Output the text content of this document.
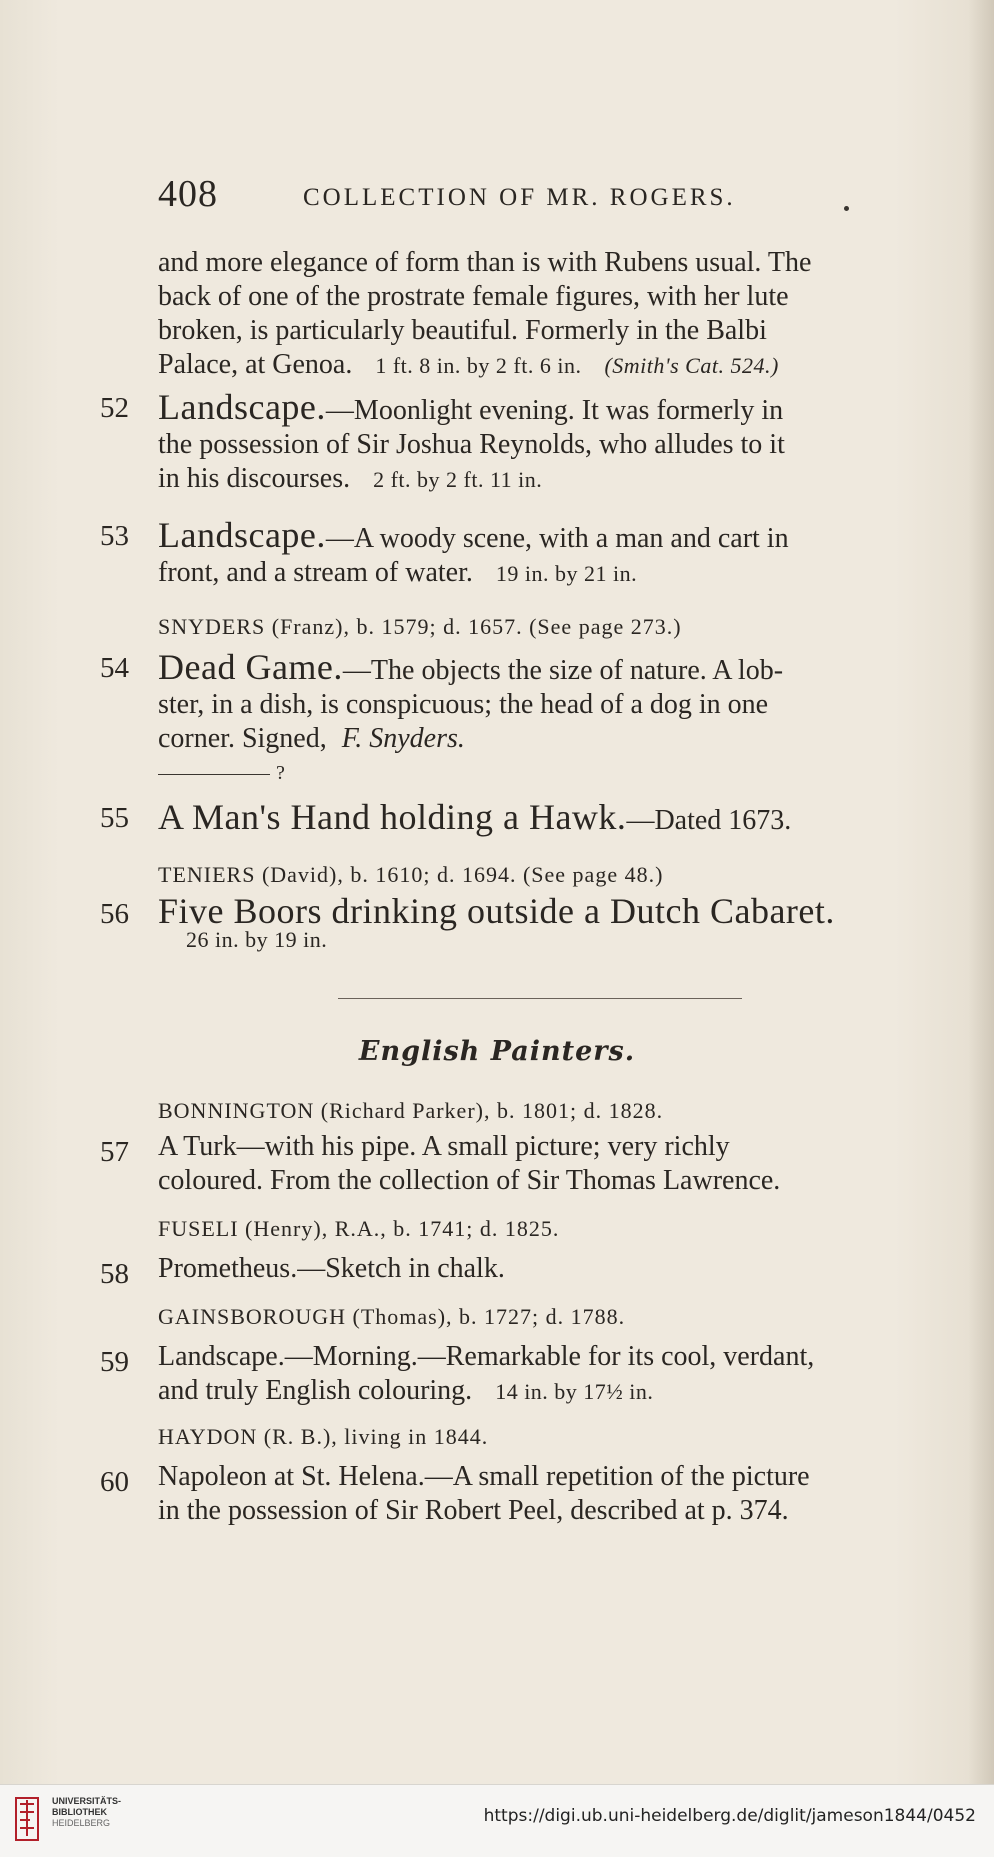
408	COLLECTION OF MR. ROGERS.
and more elegance of form than is with Rubens usual. The
back of one of the prostrate female figures, with her lute
broken, is particularly beautiful. Formerly in the Balbi
Palace, at Genoa. 1 ft. 8 in. by 2 ft. 6 in. (Smith's Cat. 524.)
52 Landscape.—Moonlight evening. It was formerly in
the possession of Sir Joshua Reynolds, who alludes to it
in his discourses. 2 ft. by 2 ft. 11 in.
53 Landscape.—A woody scene, with a man and cart in
front, and a stream of water. 19 in. by 21 in.
SNYDERS (Franz), b. 1579; d. 1657. (See page 273.)
54 Dead Game.—The objects the size of nature. A lob-
ster, in a dish, is conspicuous; the head of a dog in one
corner. Signed, F. Snyders.
?
55 A Man's Hand holding a Hawk.—Dated 1673.
TENIERS (David), b. 1610; d. 1694. (See page 48.)
56 Five Boors drinking outside a Dutch Cabaret.
26 in. by 19 in.
English Painters.
BONNINGTON (Richard Parker), b. 1801; d. 1828.
57 A Turk—with his pipe. A small picture; very richly
coloured. From the collection of Sir Thomas Lawrence.
FUSELI (Henry), R.A., b. 1741; d. 1825.
58 Prometheus.—Sketch in chalk.
GAINSBOROUGH (Thomas), b. 1727; d. 1788.
59 Landscape.—Morning.—Remarkable for its cool, verdant,
and truly English colouring. 14 in. by 17½ in.
HAYDON (R. B.), living in 1844.
60 Napoleon at St. Helena.—A small repetition of the picture
in the possession of Sir Robert Peel, described at p. 374.
UNIVERSITÄTS-
BIBLIOTHEK
HEIDELBERG	https://digi.ub.uni-heidelberg.de/diglit/jameson1844/0452
